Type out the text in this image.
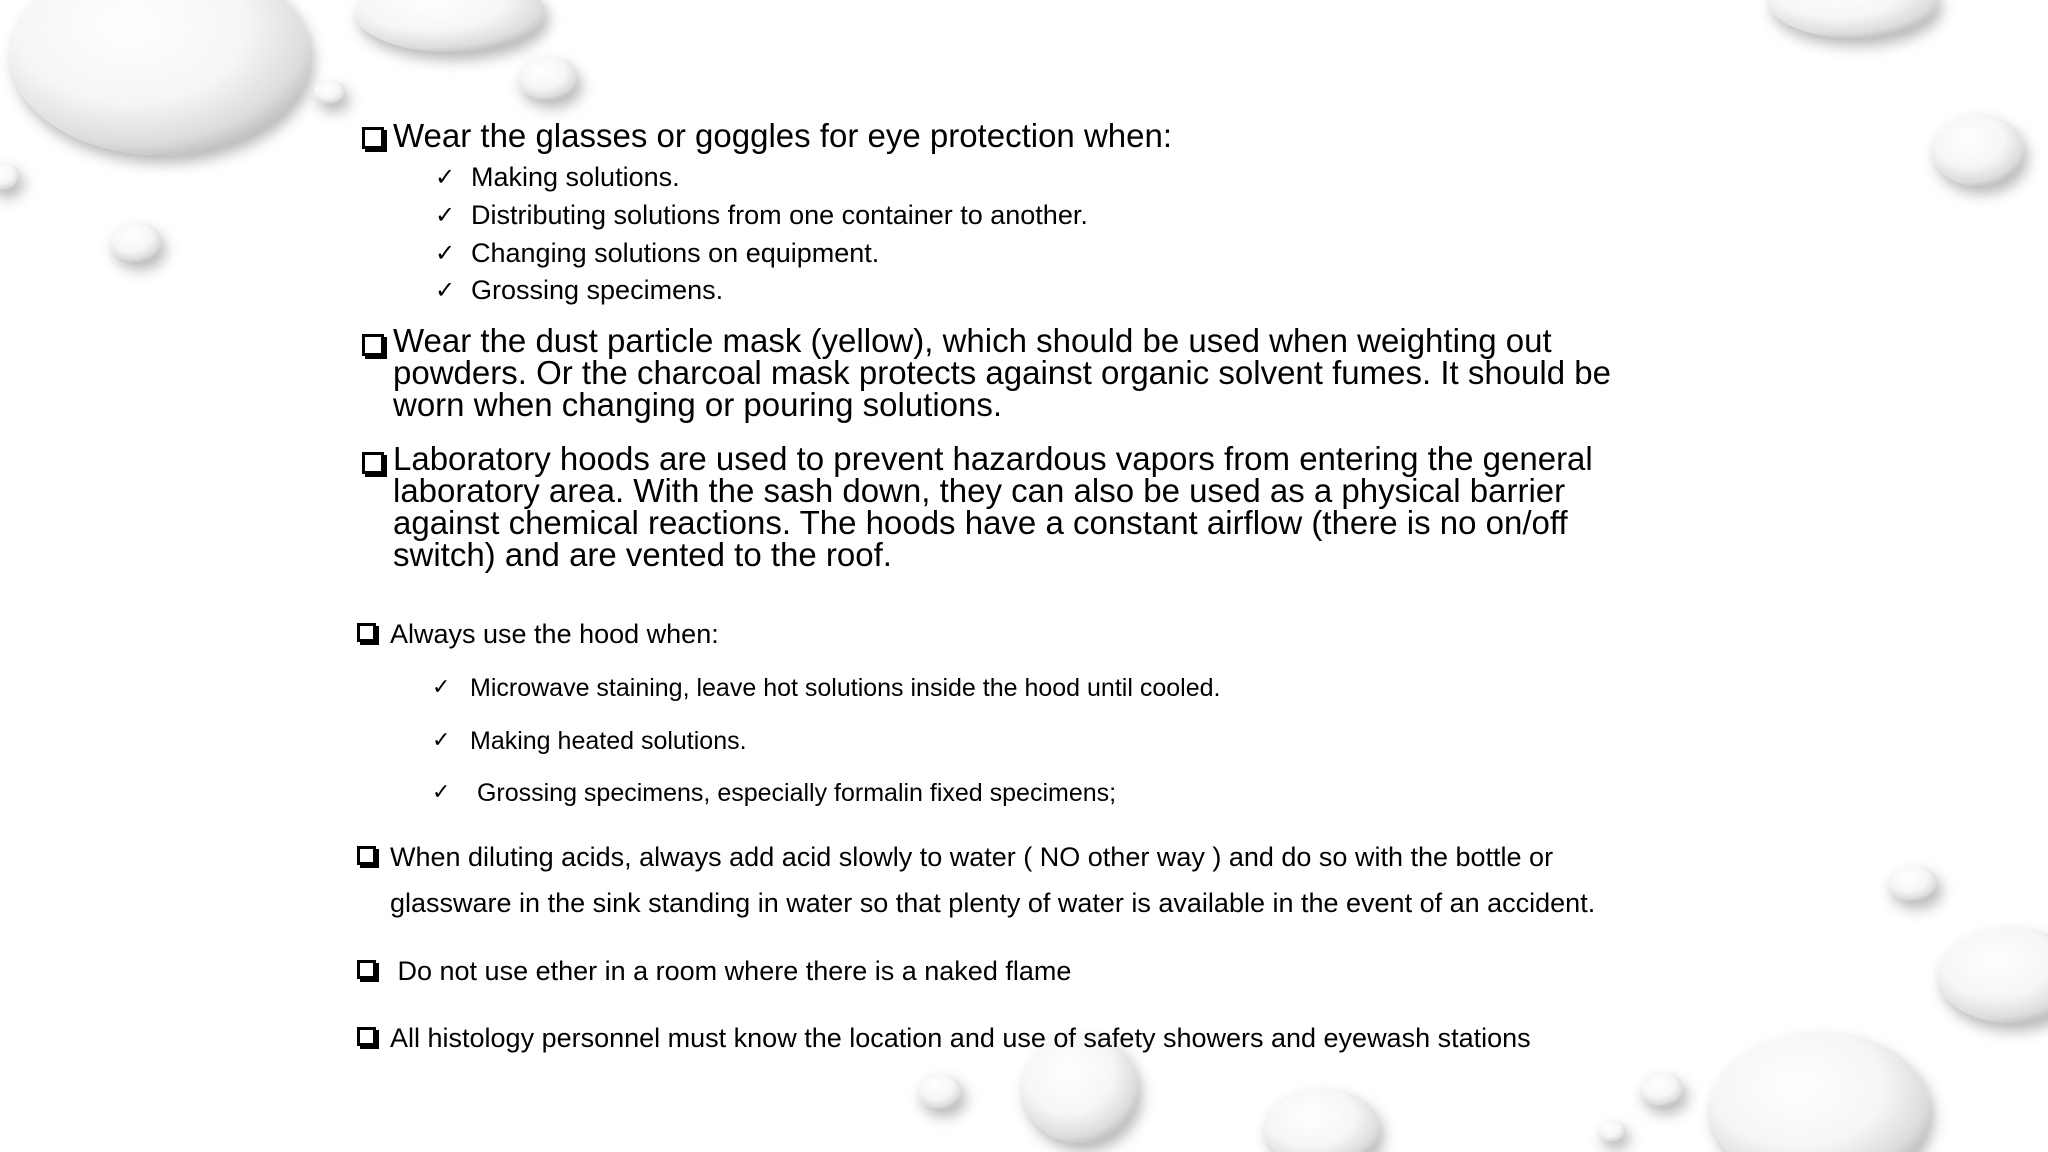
Wear the glasses or goggles for eye protection when:
✓ Making solutions.
✓ Distributing solutions from one container to another.
✓ Changing solutions on equipment.
✓ Grossing specimens.
Wear the dust particle mask (yellow), which should be used when weighting out
powders. Or the charcoal mask protects against organic solvent fumes. It should be
worn when changing or pouring solutions.
Laboratory hoods are used to prevent hazardous vapors from entering the general
laboratory area. With the sash down, they can also be used as a physical barrier
against chemical reactions. The hoods have a constant airflow (there is no on/off
switch) and are vented to the roof.
Always use the hood when:
✓ Microwave staining, leave hot solutions inside the hood until cooled.
✓ Making heated solutions.
✓ Grossing specimens, especially formalin fixed specimens;
When diluting acids, always add acid slowly to water ( NO other way ) and do so with the bottle or
glassware in the sink standing in water so that plenty of water is available in the event of an accident.
Do not use ether in a room where there is a naked flame
All histology personnel must know the location and use of safety showers and eyewash stations
